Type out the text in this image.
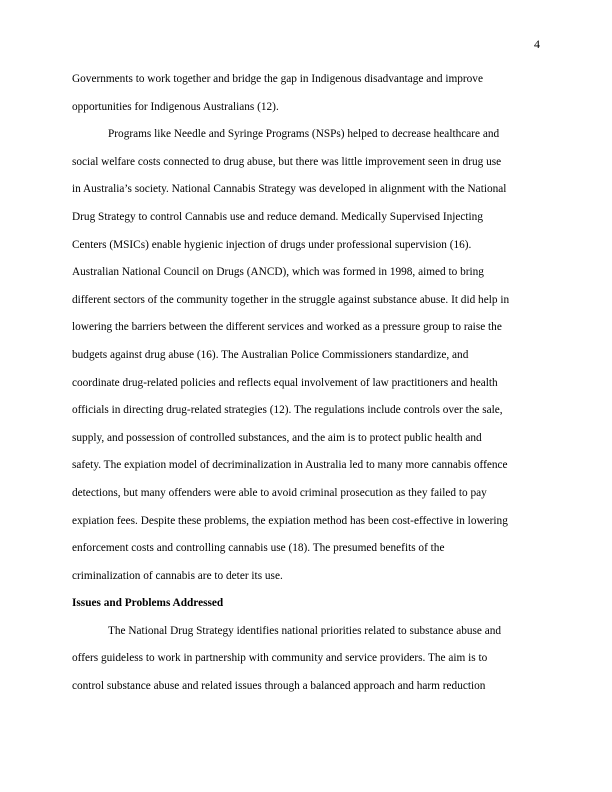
4
Governments to work together and bridge the gap in Indigenous disadvantage and improve
opportunities for Indigenous Australians (12).
Programs like Needle and Syringe Programs (NSPs) helped to decrease healthcare and
social welfare costs connected to drug abuse, but there was little improvement seen in drug use
in Australia’s society. National Cannabis Strategy was developed in alignment with the National
Drug Strategy to control Cannabis use and reduce demand. Medically Supervised Injecting
Centers (MSICs) enable hygienic injection of drugs under professional supervision (16).
Australian National Council on Drugs (ANCD), which was formed in 1998, aimed to bring
different sectors of the community together in the struggle against substance abuse. It did help in
lowering the barriers between the different services and worked as a pressure group to raise the
budgets against drug abuse (16). The Australian Police Commissioners standardize, and
coordinate drug-related policies and reflects equal involvement of law practitioners and health
officials in directing drug-related strategies (12). The regulations include controls over the sale,
supply, and possession of controlled substances, and the aim is to protect public health and
safety. The expiation model of decriminalization in Australia led to many more cannabis offence
detections, but many offenders were able to avoid criminal prosecution as they failed to pay
expiation fees. Despite these problems, the expiation method has been cost-effective in lowering
enforcement costs and controlling cannabis use (18). The presumed benefits of the
criminalization of cannabis are to deter its use.
Issues and Problems Addressed
The National Drug Strategy identifies national priorities related to substance abuse and
offers guideless to work in partnership with community and service providers. The aim is to
control substance abuse and related issues through a balanced approach and harm reduction
